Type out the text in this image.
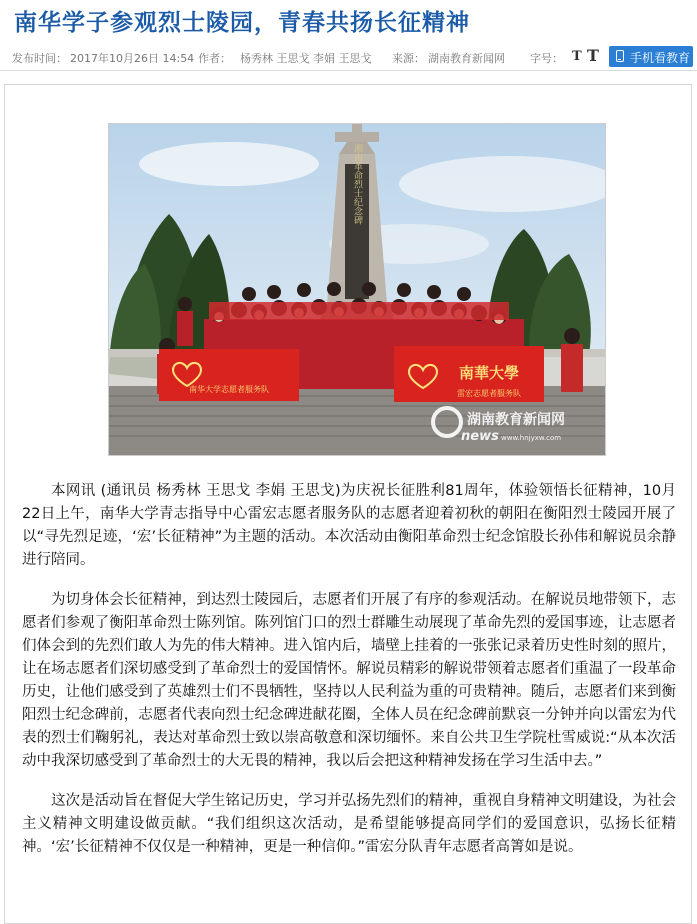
南华学子参观烈士陵园，青春共扬长征精神
发布时间： 2017年10月26日 14:54 作者： 杨秀林 王思戈 李娟 王思戈 来源： 湖南教育新闻网 字号： T T	手机看教育
湘南革命烈士纪念碑
南华大学志愿者服务队
南華大學
雷宏志愿者服务队
news
湖南教育新闻网
www.hnjyxw.com

本网讯 (通讯员 杨秀林 王思戈 李娟 王思戈)为庆祝长征胜利81周年，体验领悟长征精神，10月22日上午，南华大学青志指导中心雷宏志愿者服务队的志愿者迎着初秋的朝阳在衡阳烈士陵园开展了以“寻先烈足迹，‘宏’长征精神”为主题的活动。本次活动由衡阳革命烈士纪念馆股长孙伟和解说员余静进行陪同。

为切身体会长征精神，到达烈士陵园后，志愿者们开展了有序的参观活动。在解说员地带领下，志愿者们参观了衡阳革命烈士陈列馆。陈列馆门口的烈士群雕生动展现了革命先烈的爱国事迹，让志愿者们体会到的先烈们敢人为先的伟大精神。进入馆内后，墙壁上挂着的一张张记录着历史性时刻的照片，让在场志愿者们深切感受到了革命烈士的爱国情怀。解说员精彩的解说带领着志愿者们重温了一段革命历史，让他们感受到了英雄烈士们不畏牺牲，坚持以人民利益为重的可贵精神。随后，志愿者们来到衡阳烈士纪念碑前，志愿者代表向烈士纪念碑进献花圈，全体人员在纪念碑前默哀一分钟并向以雷宏为代表的烈士们鞠躬礼，表达对革命烈士致以崇高敬意和深切缅怀。来自公共卫生学院杜雪威说:“从本次活动中我深切感受到了革命烈士的大无畏的精神，我以后会把这种精神发扬在学习生活中去。”

这次是活动旨在督促大学生铭记历史，学习并弘扬先烈们的精神，重视自身精神文明建设，为社会主义精神文明建设做贡献。“我们组织这次活动，是希望能够提高同学们的爱国意识，弘扬长征精神。‘宏’长征精神不仅仅是一种精神，更是一种信仰。”雷宏分队青年志愿者高箐如是说。
